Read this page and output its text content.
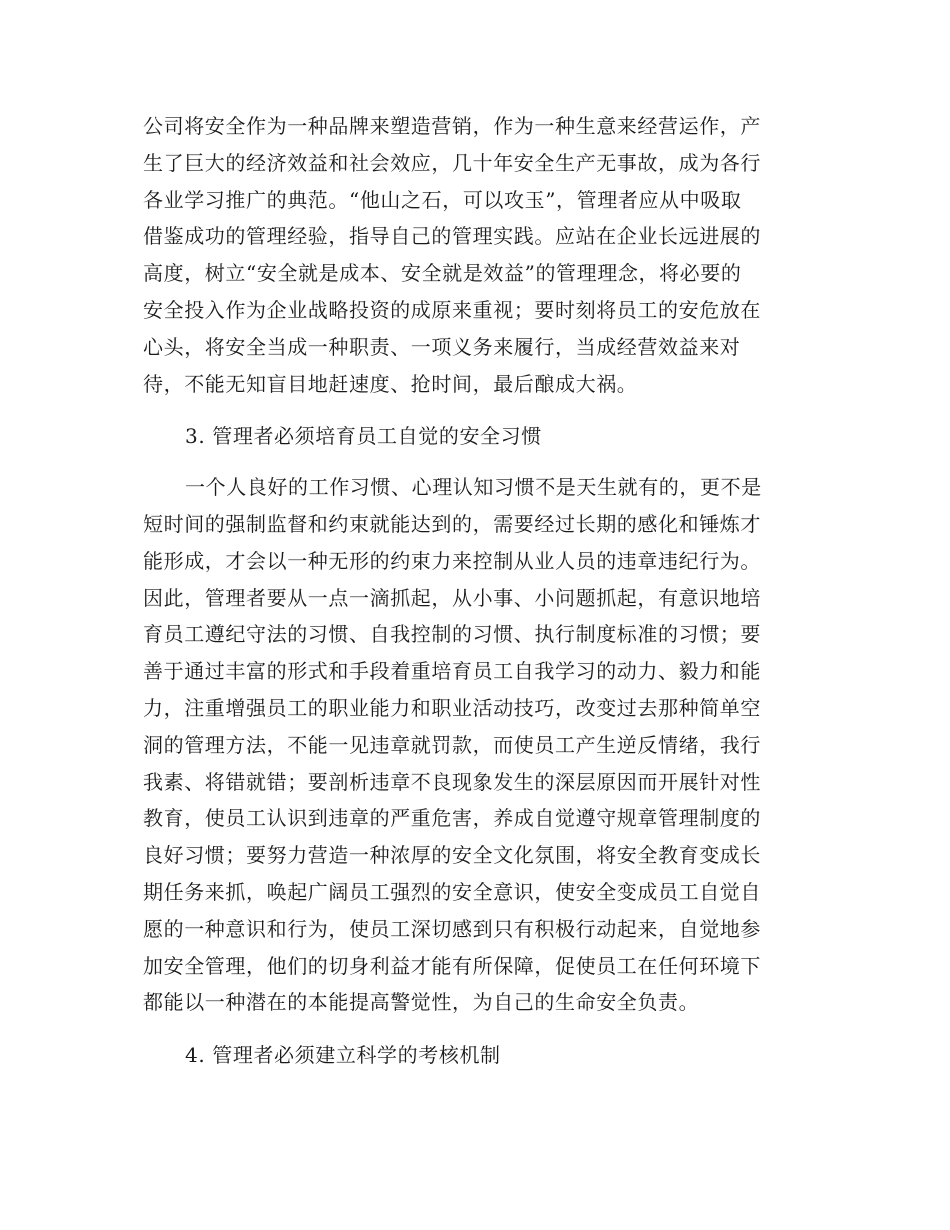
公司将安全作为一种品牌来塑造营销，作为一种生意来经营运作，产
生了巨大的经济效益和社会效应，几十年安全生产无事故，成为各行
各业学习推广的典范。“他山之石，可以攻玉”，管理者应从中吸取
借鉴成功的管理经验，指导自己的管理实践。应站在企业长远进展的
高度，树立“安全就是成本、安全就是效益”的管理理念，将必要的
安全投入作为企业战略投资的成原来重视；要时刻将员工的安危放在
心头，将安全当成一种职责、一项义务来履行，当成经营效益来对
待，不能无知盲目地赶速度、抢时间，最后酿成大祸。

3. 管理者必须培育员工自觉的安全习惯

一个人良好的工作习惯、心理认知习惯不是天生就有的，更不是
短时间的强制监督和约束就能达到的，需要经过长期的感化和锤炼才
能形成，才会以一种无形的约束力来控制从业人员的违章违纪行为。
因此，管理者要从一点一滴抓起，从小事、小问题抓起，有意识地培
育员工遵纪守法的习惯、自我控制的习惯、执行制度标准的习惯；要
善于通过丰富的形式和手段着重培育员工自我学习的动力、毅力和能
力，注重增强员工的职业能力和职业活动技巧，改变过去那种简单空
洞的管理方法，不能一见违章就罚款，而使员工产生逆反情绪，我行
我素、将错就错；要剖析违章不良现象发生的深层原因而开展针对性
教育，使员工认识到违章的严重危害，养成自觉遵守规章管理制度的
良好习惯；要努力营造一种浓厚的安全文化氛围，将安全教育变成长
期任务来抓，唤起广阔员工强烈的安全意识，使安全变成员工自觉自
愿的一种意识和行为，使员工深切感到只有积极行动起来，自觉地参
加安全管理，他们的切身利益才能有所保障，促使员工在任何环境下
都能以一种潜在的本能提高警觉性，为自己的生命安全负责。

4. 管理者必须建立科学的考核机制
